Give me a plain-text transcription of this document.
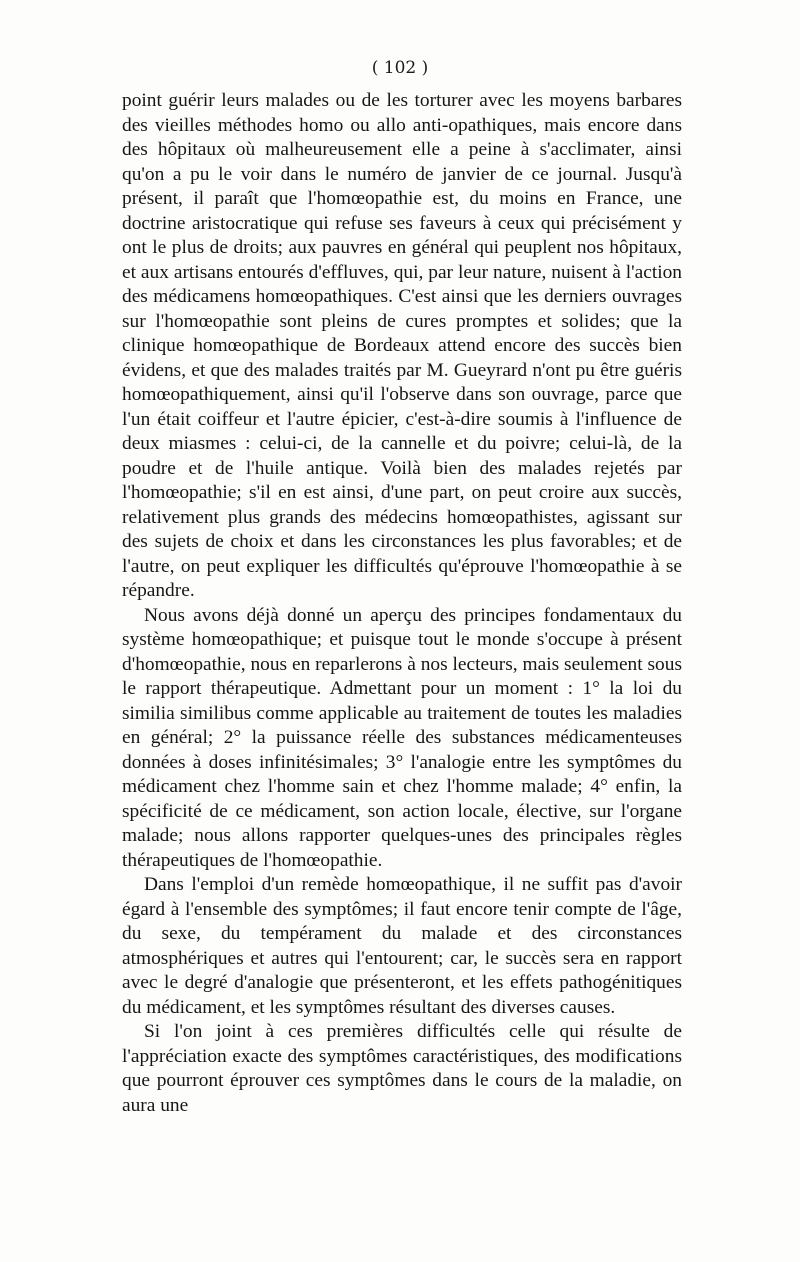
( 102 )

point guérir leurs malades ou de les torturer avec les moyens barbares des vieilles méthodes homo ou allo anti-opathiques, mais encore dans des hôpitaux où malheureusement elle a peine à s'acclimater, ainsi qu'on a pu le voir dans le numéro de janvier de ce journal. Jusqu'à présent, il paraît que l'homœopathie est, du moins en France, une doctrine aristocratique qui refuse ses faveurs à ceux qui précisément y ont le plus de droits; aux pauvres en général qui peuplent nos hôpitaux, et aux artisans entourés d'effluves, qui, par leur nature, nuisent à l'action des médicamens homœopathiques. C'est ainsi que les derniers ouvrages sur l'homœopathie sont pleins de cures promptes et solides; que la clinique homœopathique de Bordeaux attend encore des succès bien évidens, et que des malades traités par M. Gueyrard n'ont pu être guéris homœopathiquement, ainsi qu'il l'observe dans son ouvrage, parce que l'un était coiffeur et l'autre épicier, c'est-à-dire soumis à l'influence de deux miasmes : celui-ci, de la cannelle et du poivre; celui-là, de la poudre et de l'huile antique. Voilà bien des malades rejetés par l'homœopathie; s'il en est ainsi, d'une part, on peut croire aux succès, relativement plus grands des médecins homœopathistes, agissant sur des sujets de choix et dans les circonstances les plus favorables; et de l'autre, on peut expliquer les difficultés qu'éprouve l'homœopathie à se répandre.

Nous avons déjà donné un aperçu des principes fondamentaux du système homœopathique; et puisque tout le monde s'occupe à présent d'homœopathie, nous en reparlerons à nos lecteurs, mais seulement sous le rapport thérapeutique. Admettant pour un moment : 1° la loi du similia similibus comme applicable au traitement de toutes les maladies en général; 2° la puissance réelle des substances médicamenteuses données à doses infinitésimales; 3° l'analogie entre les symptômes du médicament chez l'homme sain et chez l'homme malade; 4° enfin, la spécificité de ce médicament, son action locale, élective, sur l'organe malade; nous allons rapporter quelques-unes des principales règles thérapeutiques de l'homœopathie.

Dans l'emploi d'un remède homœopathique, il ne suffit pas d'avoir égard à l'ensemble des symptômes; il faut encore tenir compte de l'âge, du sexe, du tempérament du malade et des circonstances atmosphériques et autres qui l'entourent; car, le succès sera en rapport avec le degré d'analogie que présenteront, et les effets pathogénitiques du médicament, et les symptômes résultant des diverses causes.

Si l'on joint à ces premières difficultés celle qui résulte de l'appréciation exacte des symptômes caractéristiques, des modifications que pourront éprouver ces symptômes dans le cours de la maladie, on aura une
